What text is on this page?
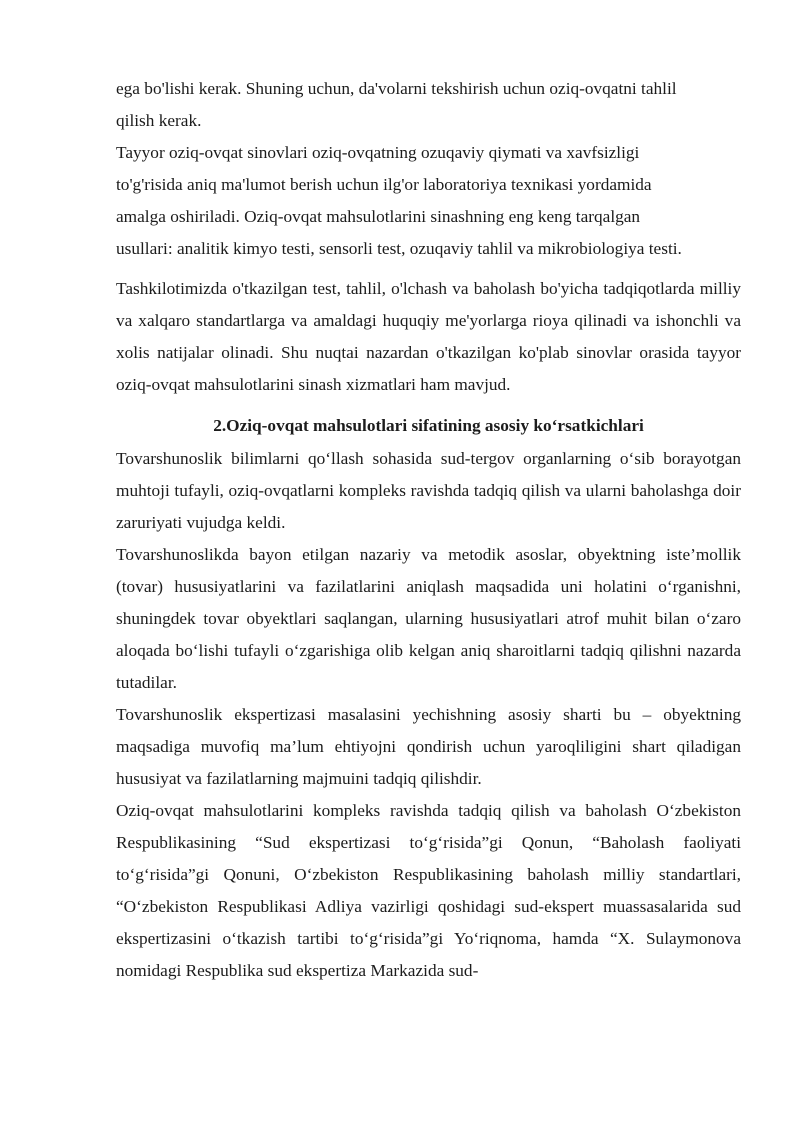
ega bo'lishi kerak. Shuning uchun, da'volarni tekshirish uchun oziq-ovqatni tahlil
qilish kerak.

Tayyor oziq-ovqat sinovlari oziq-ovqatning ozuqaviy qiymati va xavfsizligi
to'g'risida aniq ma'lumot berish uchun ilg'or laboratoriya texnikasi yordamida
amalga oshiriladi. Oziq-ovqat mahsulotlarini sinashning eng keng tarqalgan
usullari: analitik kimyo testi, sensorli test, ozuqaviy tahlil va mikrobiologiya testi.

Tashkilotimizda o'tkazilgan test, tahlil, o'lchash va baholash bo'yicha tadqiqotlarda milliy va xalqaro standartlarga va amaldagi huquqiy me'yorlarga rioya qilinadi va ishonchli va xolis natijalar olinadi. Shu nuqtai nazardan o'tkazilgan ko'plab sinovlar orasida tayyor oziq-ovqat mahsulotlarini sinash xizmatlari ham mavjud.

2.Oziq-ovqat mahsulotlari sifatining asosiy ko‘rsatkichlari

Tovarshunoslik bilimlarni qo‘llash sohasida sud-tergov organlarning o‘sib borayotgan muhtoji tufayli, oziq-ovqatlarni kompleks ravishda tadqiq qilish va ularni baholashga doir zaruriyati vujudga keldi.

Tovarshunoslikda bayon etilgan nazariy va metodik asoslar, obyektning iste’mollik (tovar) hususiyatlarini va fazilatlarini aniqlash maqsadida uni holatini o‘rganishni, shuningdek tovar obyektlari saqlangan, ularning hususiyatlari atrof muhit bilan o‘zaro aloqada bo‘lishi tufayli o‘zgarishiga olib kelgan aniq sharoitlarni tadqiq qilishni nazarda tutadilar.

Tovarshunoslik ekspertizasi masalasini yechishning asosiy sharti bu – obyektning maqsadiga muvofiq ma’lum ehtiyojni qondirish uchun yaroqliligini shart qiladigan hususiyat va fazilatlarning majmuini tadqiq qilishdir.

Oziq-ovqat mahsulotlarini kompleks ravishda tadqiq qilish va baholash O‘zbekiston Respublikasining “Sud ekspertizasi to‘g‘risida”gi Qonun, “Baholash faoliyati to‘g‘risida”gi Qonuni, O‘zbekiston Respublikasining baholash milliy standartlari, “O‘zbekiston Respublikasi Adliya vazirligi qoshidagi sud-ekspert muassasalarida sud ekspertizasini o‘tkazish tartibi to‘g‘risida”gi Yo‘riqnoma, hamda “X. Sulaymonova nomidagi Respublika sud ekspertiza Markazida sud-
